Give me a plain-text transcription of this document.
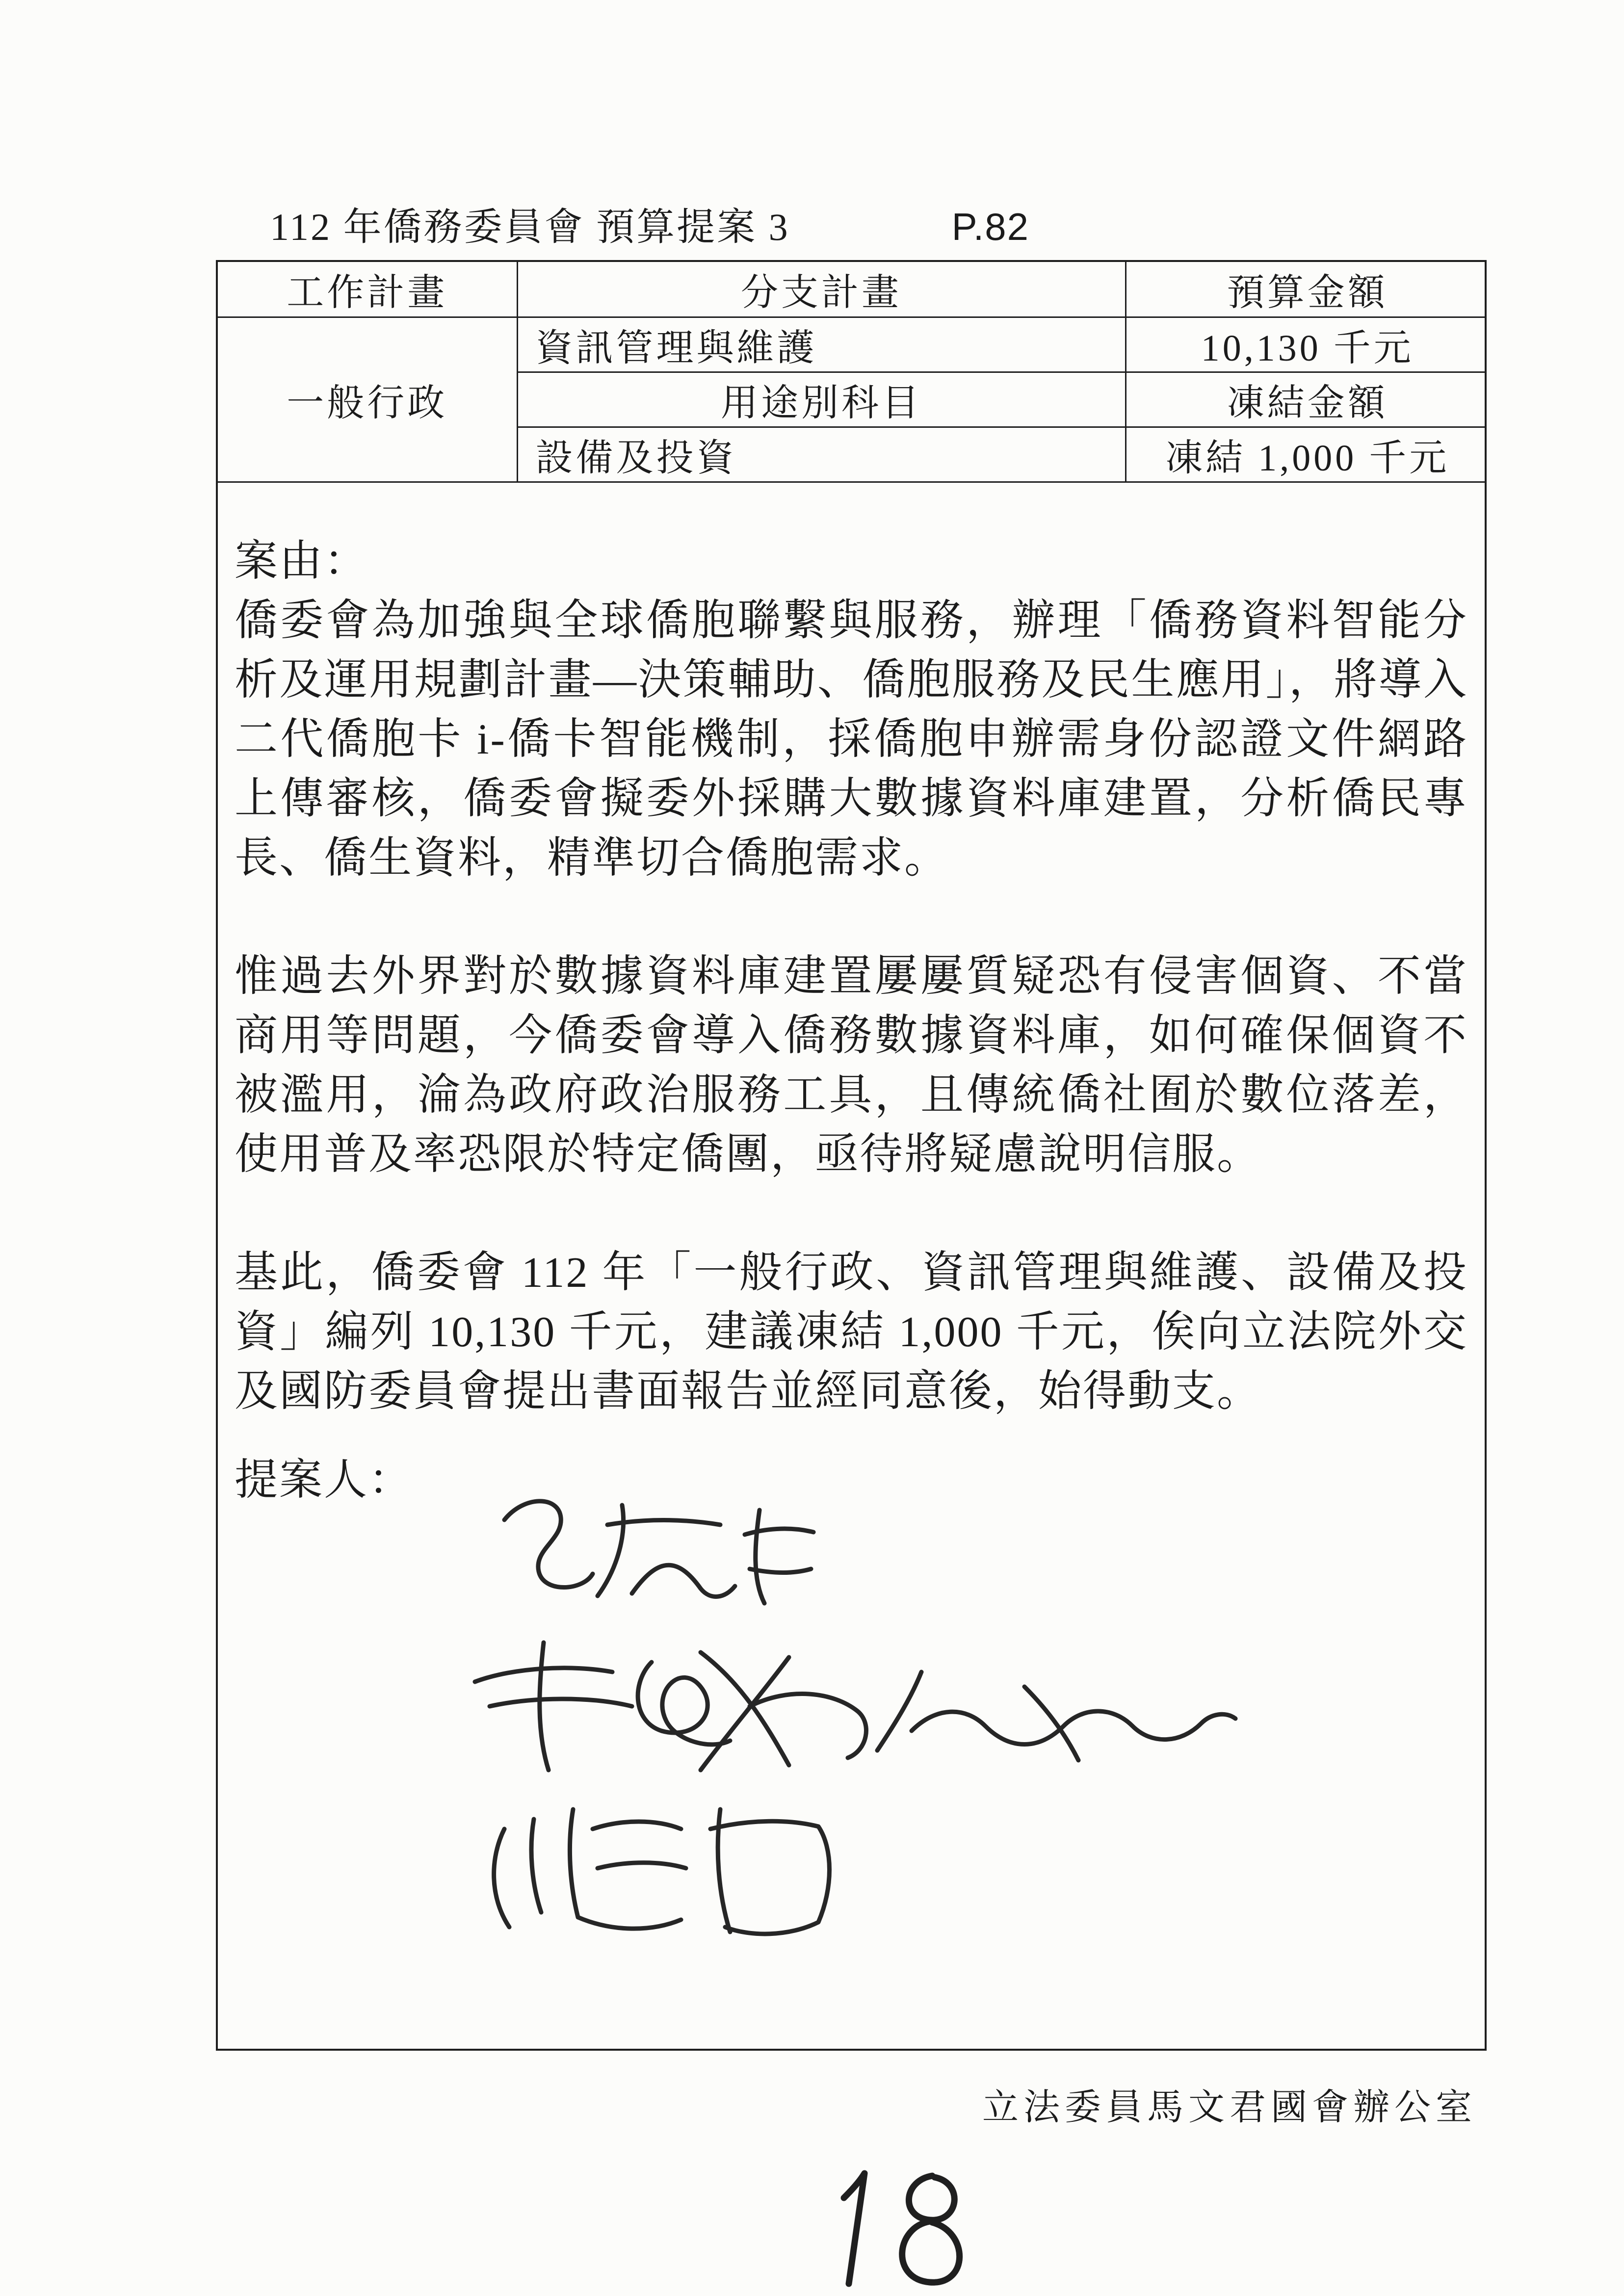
112 年僑務委員會 預算提案 3	P.82
工作計畫	分支計畫	預算金額
一般行政	資訊管理與維護	10,130 千元
	用途別科目	凍結金額
	設備及投資	凍結 1,000 千元

案由：

僑委會為加強與全球僑胞聯繫與服務，辦理「僑務資料智能分析及運用規劃計畫—決策輔助、僑胞服務及民生應用」，將導入二代僑胞卡 i-僑卡智能機制，採僑胞申辦需身份認證文件網路上傳審核，僑委會擬委外採購大數據資料庫建置，分析僑民專長、僑生資料，精準切合僑胞需求。

惟過去外界對於數據資料庫建置屢屢質疑恐有侵害個資、不當商用等問題，今僑委會導入僑務數據資料庫，如何確保個資不被濫用，淪為政府政治服務工具，且傳統僑社囿於數位落差，使用普及率恐限於特定僑團，亟待將疑慮說明信服。

基此，僑委會 112 年「一般行政、資訊管理與維護、設備及投資」編列 10,130 千元，建議凍結 1,000 千元，俟向立法院外交及國防委員會提出書面報告並經同意後，始得動支。

提案人：

立法委員馬文君國會辦公室
